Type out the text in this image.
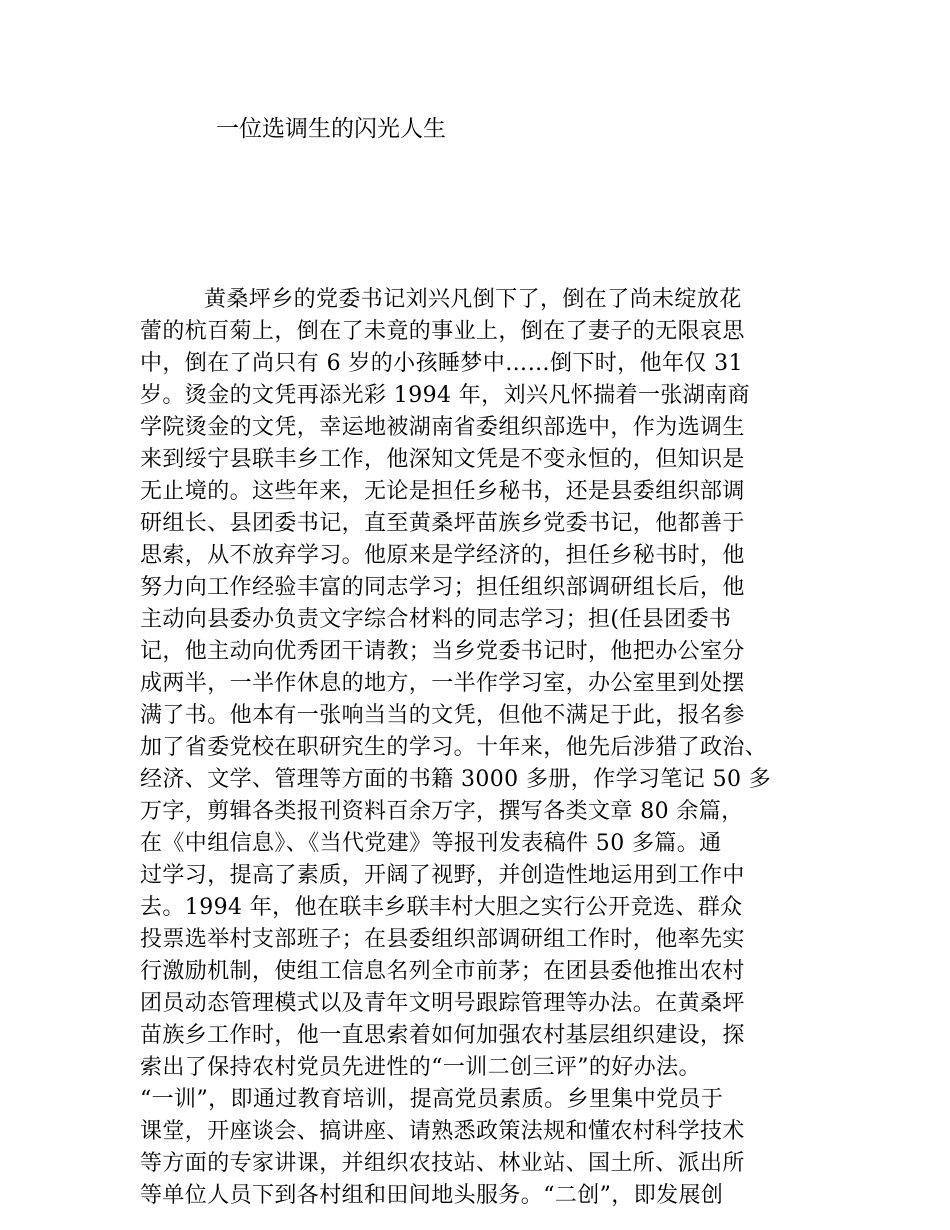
一位选调生的闪光人生
黄桑坪乡的党委书记刘兴凡倒下了，倒在了尚未绽放花
蕾的杭百菊上，倒在了未竟的事业上，倒在了妻子的无限哀思
中，倒在了尚只有 6 岁的小孩睡梦中……倒下时，他年仅 31
岁。烫金的文凭再添光彩 1994 年，刘兴凡怀揣着一张湖南商
学院烫金的文凭，幸运地被湖南省委组织部选中，作为选调生
来到绥宁县联丰乡工作，他深知文凭是不变永恒的，但知识是
无止境的。这些年来，无论是担任乡秘书，还是县委组织部调
研组长、县团委书记，直至黄桑坪苗族乡党委书记，他都善于
思索，从不放弃学习。他原来是学经济的，担任乡秘书时，他
努力向工作经验丰富的同志学习；担任组织部调研组长后，他
主动向县委办负责文字综合材料的同志学习；担(任县团委书
记，他主动向优秀团干请教；当乡党委书记时，他把办公室分
成两半，一半作休息的地方，一半作学习室，办公室里到处摆
满了书。他本有一张响当当的文凭，但他不满足于此，报名参
加了省委党校在职研究生的学习。十年来，他先后涉猎了政治、
经济、文学、管理等方面的书籍 3000 多册，作学习笔记 50 多
万字，剪辑各类报刊资料百余万字，撰写各类文章 80 余篇，
在《中组信息》、《当代党建》等报刊发表稿件 50 多篇。通
过学习，提高了素质，开阔了视野，并创造性地运用到工作中
去。1994 年，他在联丰乡联丰村大胆之实行公开竞选、群众
投票选举村支部班子；在县委组织部调研组工作时，他率先实
行激励机制，使组工信息名列全市前茅；在团县委他推出农村
团员动态管理模式以及青年文明号跟踪管理等办法。在黄桑坪
苗族乡工作时，他一直思索着如何加强农村基层组织建设，探
索出了保持农村党员先进性的“一训二创三评”的好办法。
“一训”，即通过教育培训，提高党员素质。乡里集中党员于
课堂，开座谈会、搞讲座、请熟悉政策法规和懂农村科学技术
等方面的专家讲课，并组织农技站、林业站、国土所、派出所
等单位人员下到各村组和田间地头服务。“二创”，即发展创
